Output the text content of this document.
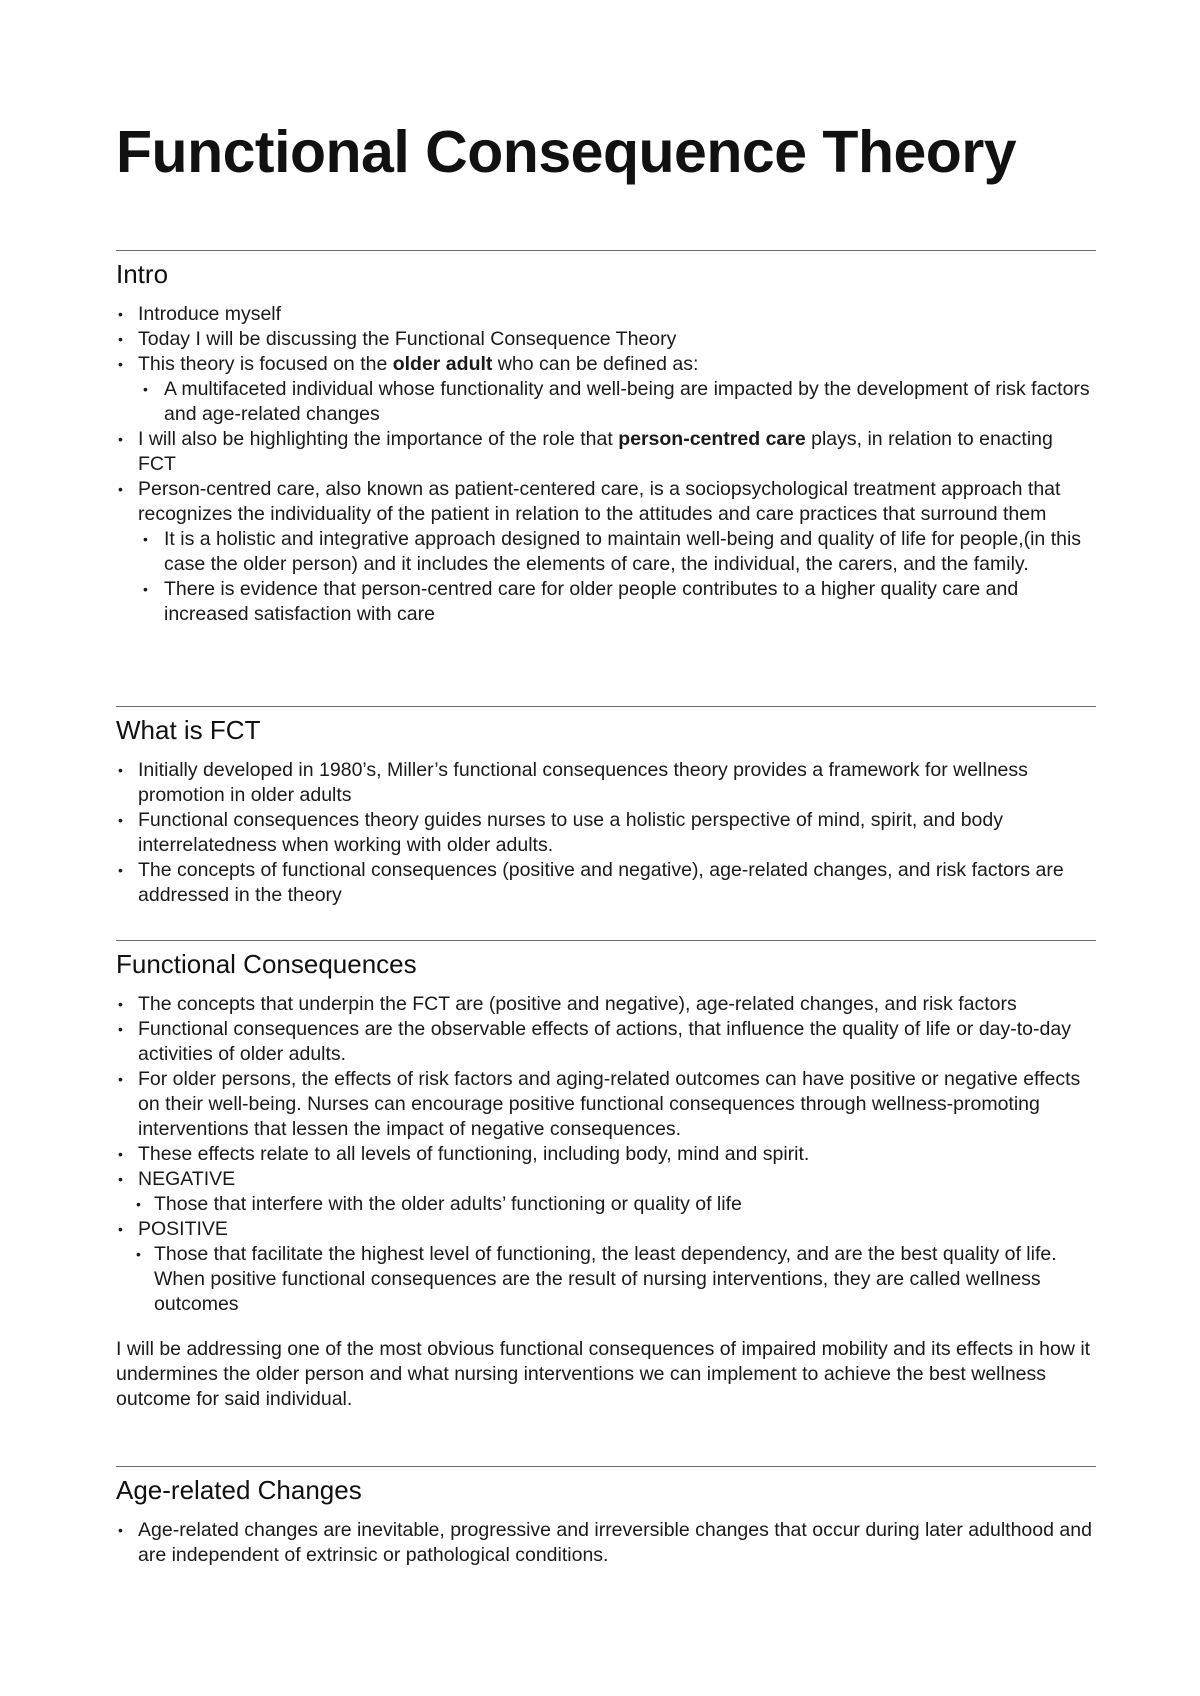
Functional Consequence Theory
Intro
• Introduce myself
• Today I will be discussing the Functional Consequence Theory
• This theory is focused on the older adult who can be defined as:
• A multifaceted individual whose functionality and well-being are impacted by the development of risk factors and age-related changes
• I will also be highlighting the importance of the role that person-centred care plays, in relation to enacting FCT
• Person-centred care, also known as patient-centered care, is a sociopsychological treatment approach that recognizes the individuality of the patient in relation to the attitudes and care practices that surround them
• It is a holistic and integrative approach designed to maintain well-being and quality of life for people,(in this case the older person) and it includes the elements of care, the individual, the carers, and the family.
• There is evidence that person-centred care for older people contributes to a higher quality care and increased satisfaction with care
What is FCT
• Initially developed in 1980’s, Miller’s functional consequences theory provides a framework for wellness promotion in older adults
• Functional consequences theory guides nurses to use a holistic perspective of mind, spirit, and body interrelatedness when working with older adults.
• The concepts of functional consequences (positive and negative), age-related changes, and risk factors are addressed in the theory
Functional Consequences
• The concepts that underpin the FCT are (positive and negative), age-related changes, and risk factors
• Functional consequences are the observable effects of actions, that influence the quality of life or day-to-day activities of older adults.
• For older persons, the effects of risk factors and aging-related outcomes can have positive or negative effects on their well-being. Nurses can encourage positive functional consequences through wellness-promoting interventions that lessen the impact of negative consequences.
• These effects relate to all levels of functioning, including body, mind and spirit.
• NEGATIVE
• Those that interfere with the older adults’ functioning or quality of life
• POSITIVE
• Those that facilitate the highest level of functioning, the least dependency, and are the best quality of life. When positive functional consequences are the result of nursing interventions, they are called wellness outcomes

I will be addressing one of the most obvious functional consequences of impaired mobility and its effects in how it undermines the older person and what nursing interventions we can implement to achieve the best wellness outcome for said individual.

Age-related Changes
• Age-related changes are inevitable, progressive and irreversible changes that occur during later adulthood and are independent of extrinsic or pathological conditions.
